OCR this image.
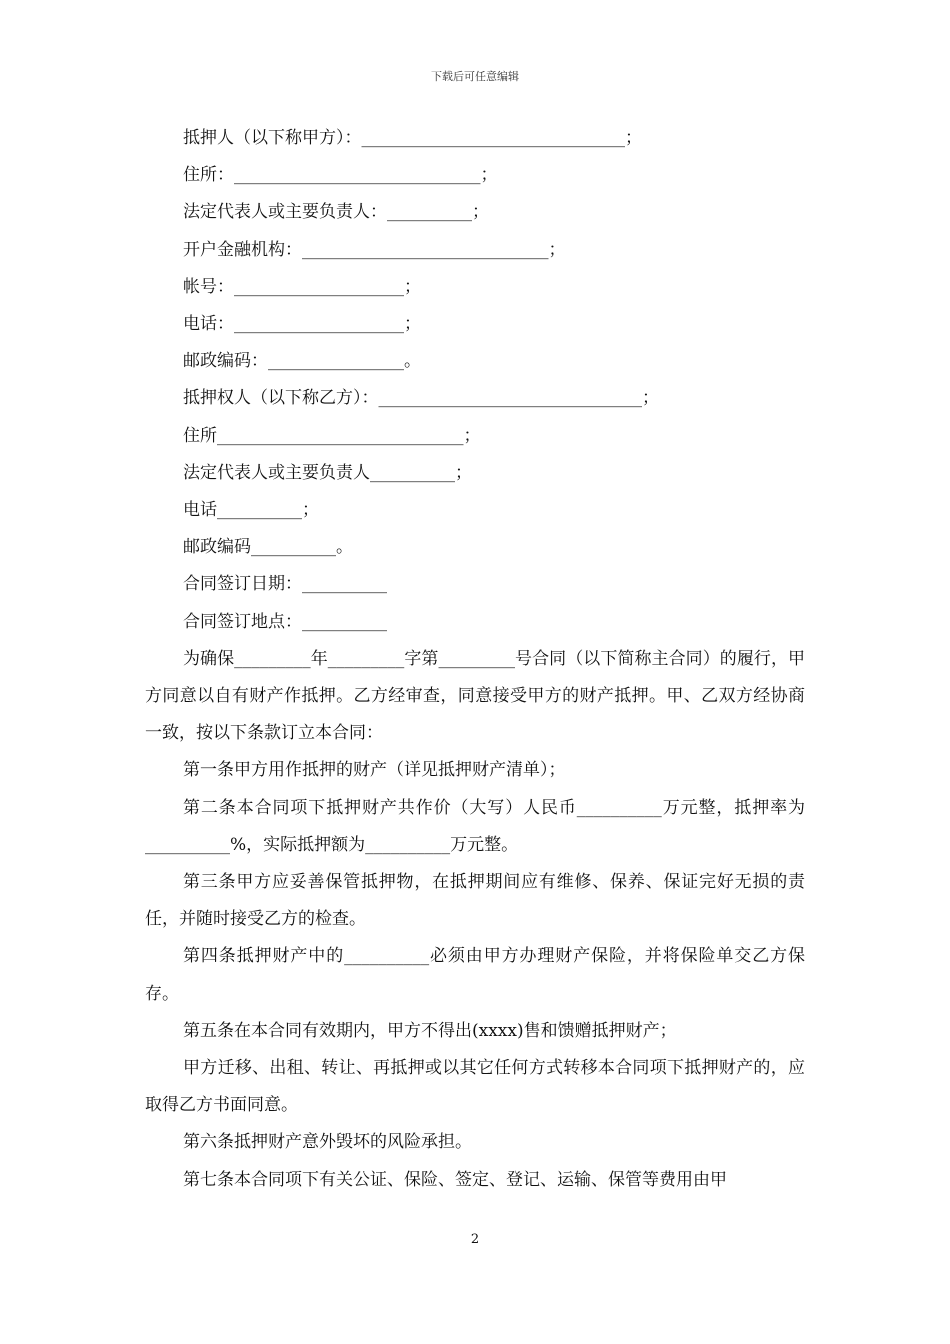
下载后可任意编辑
抵押人（以下称甲方）：_______________________________；
住所：_____________________________；
法定代表人或主要负责人：__________；
开户金融机构：_____________________________；
帐号：____________________；
电话：____________________；
邮政编码：________________。
抵押权人（以下称乙方）：_______________________________；
住所_____________________________；
法定代表人或主要负责人__________；
电话__________；
邮政编码__________。
合同签订日期：__________
合同签订地点：__________

为确保_________年_________字第_________号合同（以下简称主合同）的履行，甲方同意以自有财产作抵押。乙方经审查，同意接受甲方的财产抵押。甲、乙双方经协商一致，按以下条款订立本合同：

第一条甲方用作抵押的财产（详见抵押财产清单）；

第二条本合同项下抵押财产共作价（大写）人民币__________万元整，抵押率为__________%，实际抵押额为__________万元整。

第三条甲方应妥善保管抵押物，在抵押期间应有维修、保养、保证完好无损的责任，并随时接受乙方的检查。

第四条抵押财产中的__________必须由甲方办理财产保险，并将保险单交乙方保存。

第五条在本合同有效期内，甲方不得出(xxxx)售和馈赠抵押财产；

甲方迁移、出租、转让、再抵押或以其它任何方式转移本合同项下抵押财产的，应取得乙方书面同意。

第六条抵押财产意外毁坏的风险承担。

第七条本合同项下有关公证、保险、签定、登记、运输、保管等费用由甲

2
